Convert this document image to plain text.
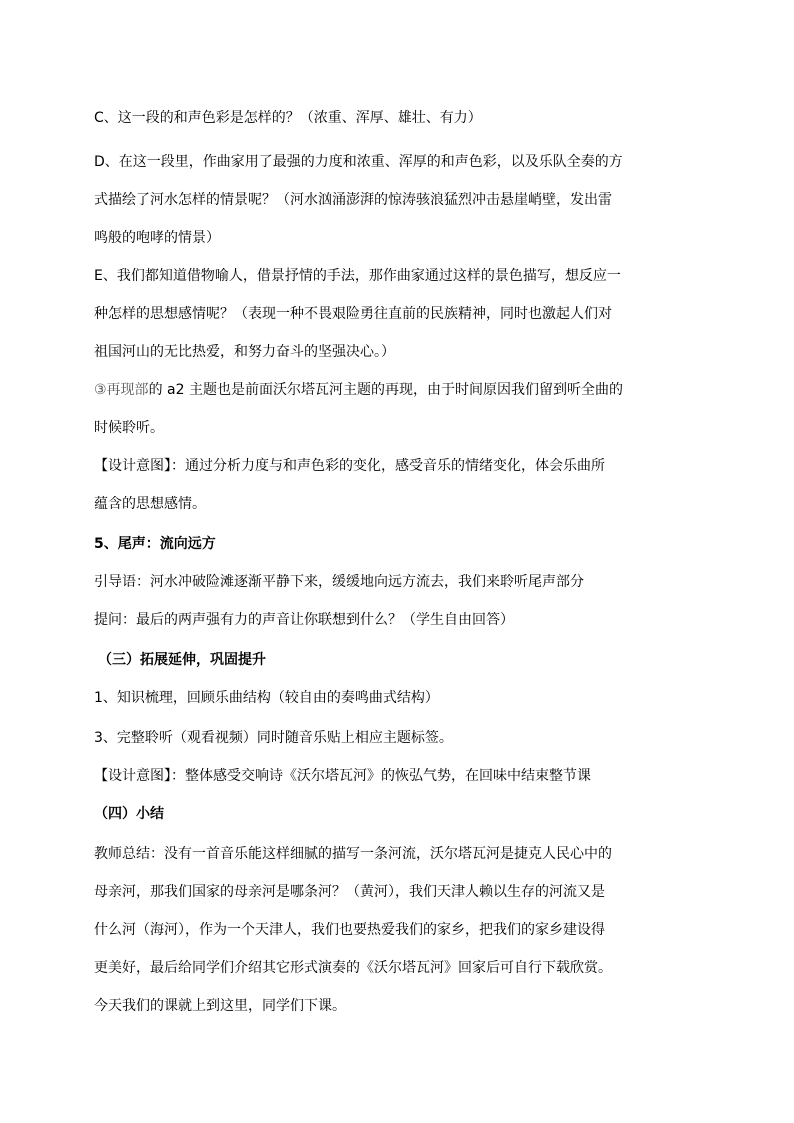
C、这一段的和声色彩是怎样的？（浓重、浑厚、雄壮、有力）

D、在这一段里，作曲家用了最强的力度和浓重、浑厚的和声色彩，以及乐队全奏的方

式描绘了河水怎样的情景呢？（河水汹涌澎湃的惊涛骇浪猛烈冲击悬崖峭壁，发出雷

鸣般的咆哮的情景）

E、我们都知道借物喻人，借景抒情的手法，那作曲家通过这样的景色描写，想反应一

种怎样的思想感情呢？（表现一种不畏艰险勇往直前的民族精神，同时也激起人们对

祖国河山的无比热爱，和努力奋斗的坚强决心。）

③再现部的 a2 主题也是前面沃尔塔瓦河主题的再现，由于时间原因我们留到听全曲的

时候聆听。

【设计意图】：通过分析力度与和声色彩的变化，感受音乐的情绪变化，体会乐曲所

蕴含的思想感情。

5、尾声：流向远方

引导语：河水冲破险滩逐渐平静下来，缓缓地向远方流去，我们来聆听尾声部分

提问：最后的两声强有力的声音让你联想到什么？（学生自由回答）

（三）拓展延伸，巩固提升

1、知识梳理，回顾乐曲结构（较自由的奏鸣曲式结构）

3、完整聆听（观看视频）同时随音乐贴上相应主题标签。

【设计意图】：整体感受交响诗《沃尔塔瓦河》的恢弘气势，在回味中结束整节课

（四）小结

教师总结：没有一首音乐能这样细腻的描写一条河流，沃尔塔瓦河是捷克人民心中的

母亲河，那我们国家的母亲河是哪条河？（黄河），我们天津人赖以生存的河流又是

什么河（海河），作为一个天津人，我们也要热爱我们的家乡，把我们的家乡建设得

更美好，最后给同学们介绍其它形式演奏的《沃尔塔瓦河》回家后可自行下载欣赏。

今天我们的课就上到这里，同学们下课。
